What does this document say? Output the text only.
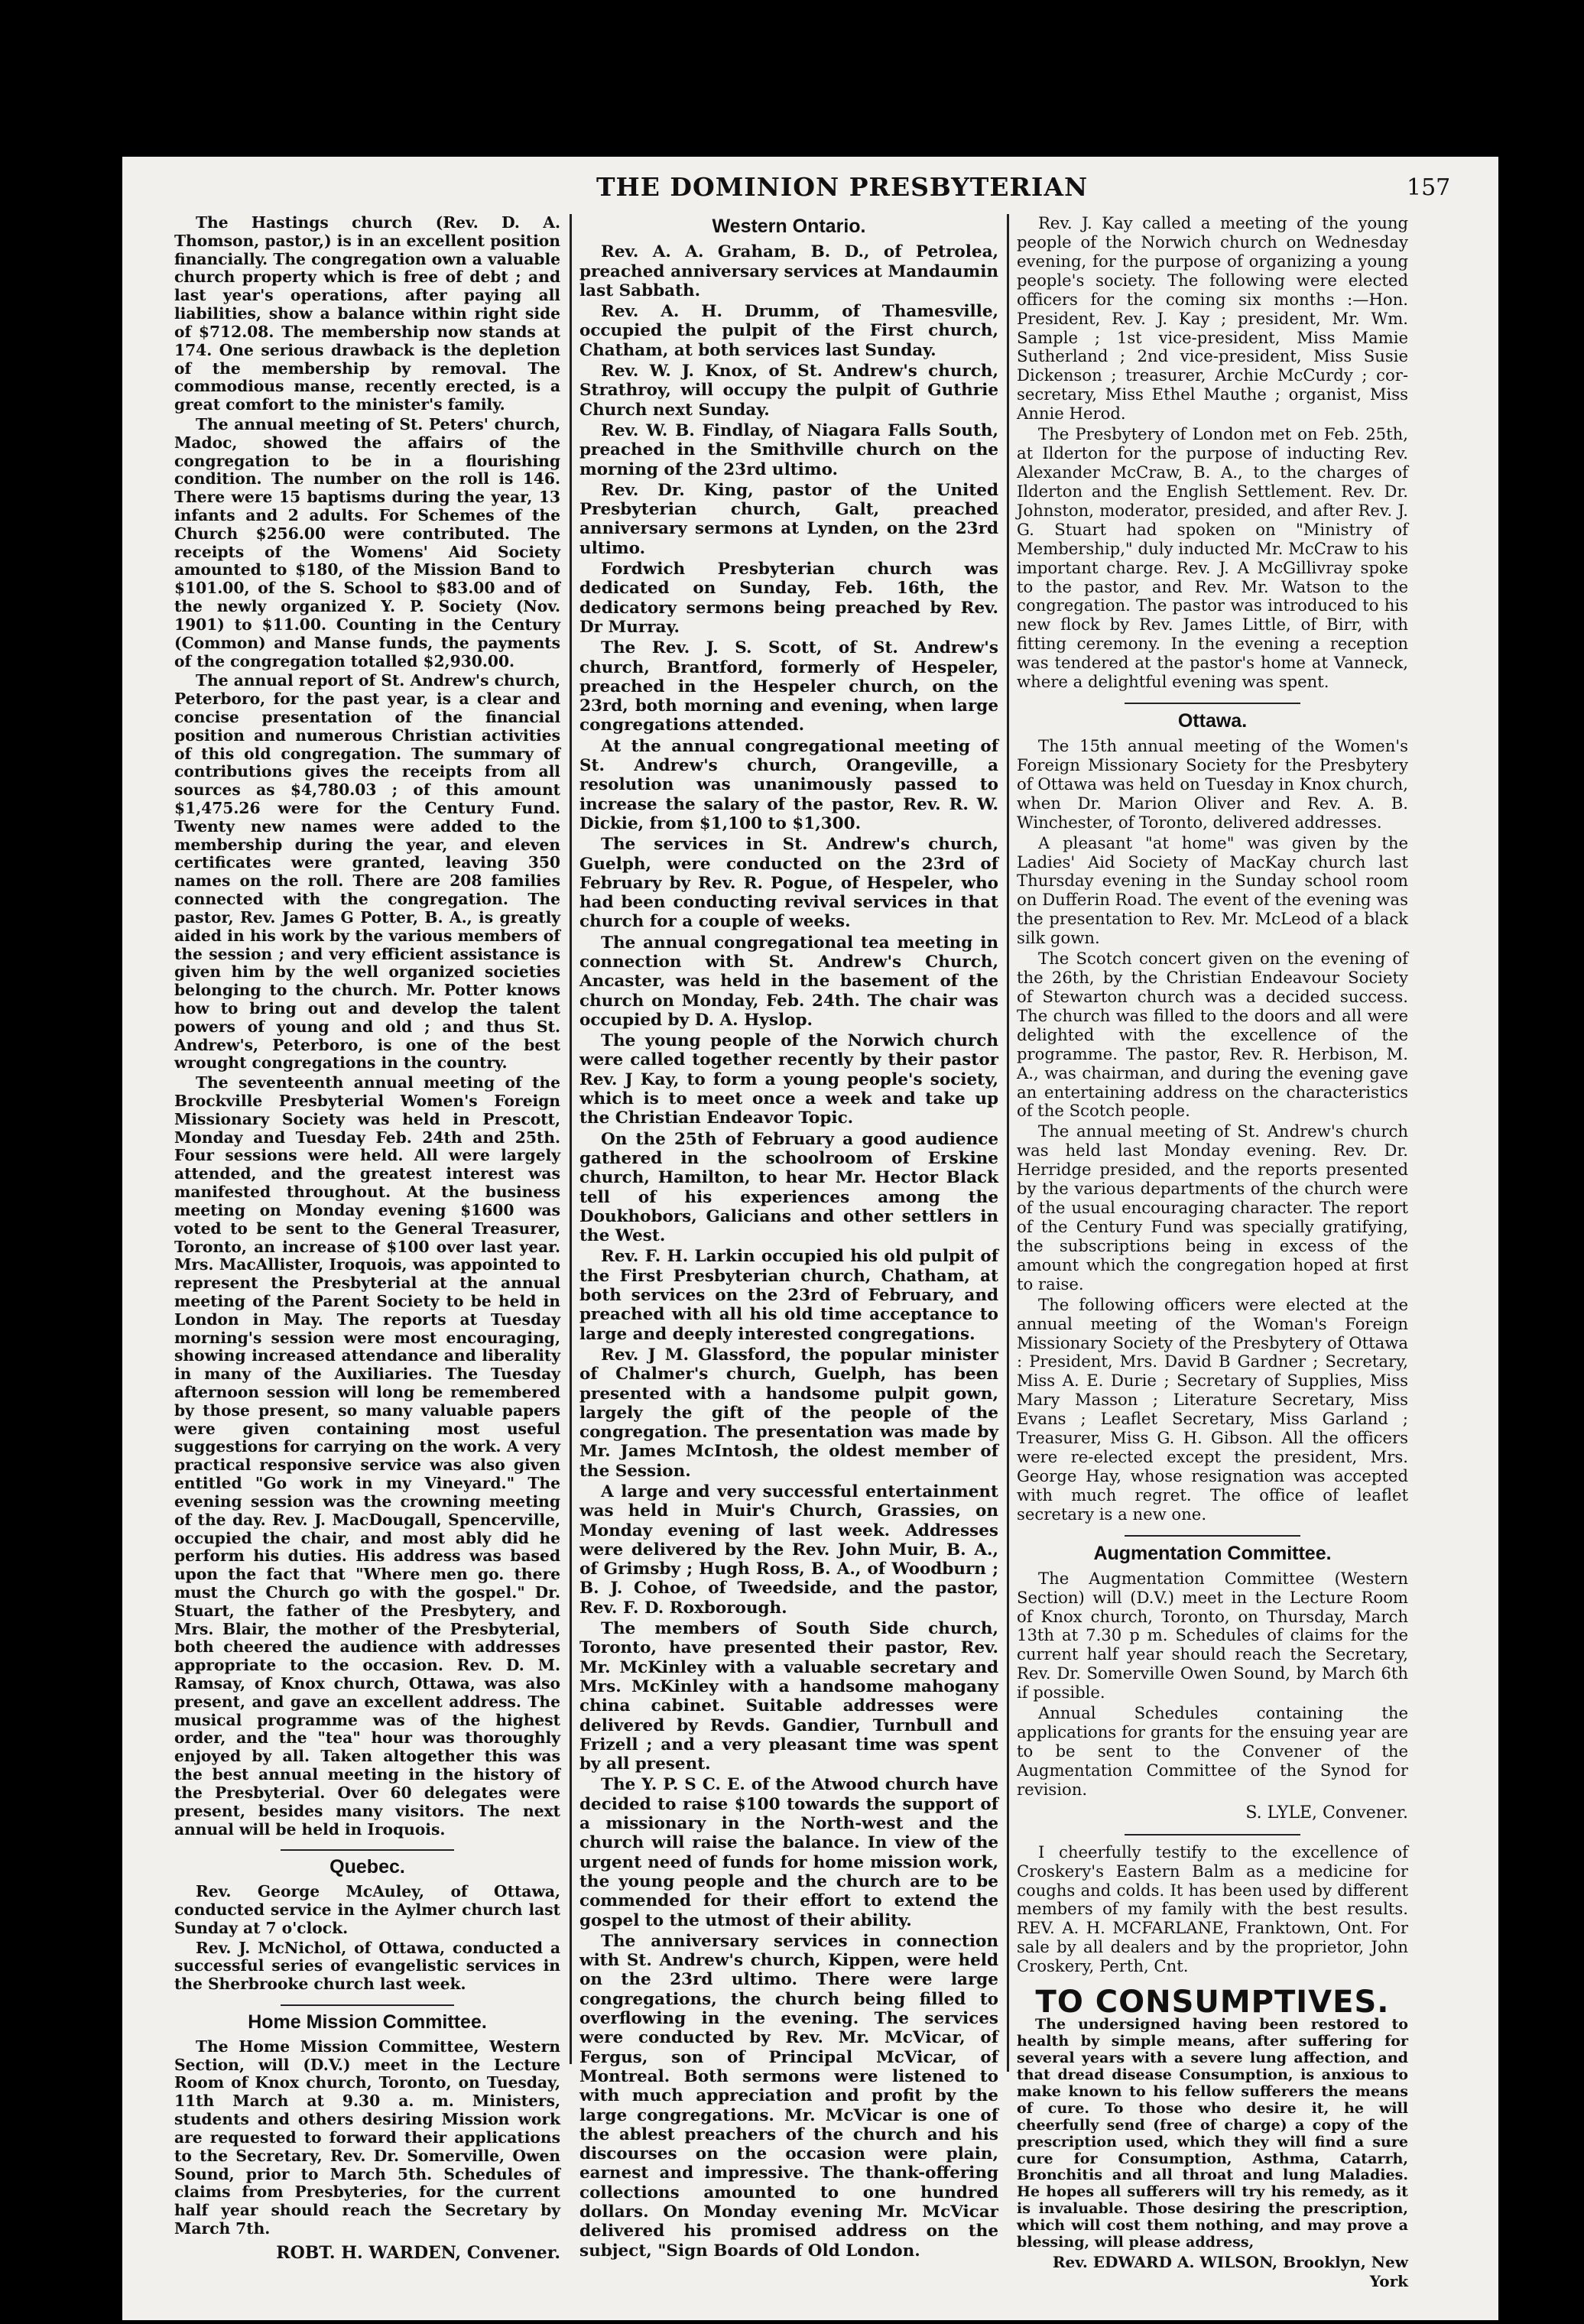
THE DOMINION PRESBYTERIAN	157

The Hastings church (Rev. D. A. Thomson, pastor,) is in an excellent position financially. The congregation own a valuable church property which is free of debt ; and last year's operations, after paying all liabilities, show a balance within right side of $712.08. The membership now stands at 174. One serious drawback is the depletion of the membership by removal. The commodious manse, recently erected, is a great comfort to the minister's family.

The annual meeting of St. Peters' church, Madoc, showed the affairs of the congregation to be in a flourishing condition. The number on the roll is 146. There were 15 baptisms during the year, 13 infants and 2 adults. For Schemes of the Church $256.00 were contributed. The receipts of the Womens' Aid Society amounted to $180, of the Mission Band to $101.00, of the S. School to $83.00 and of the newly organized Y. P. Society (Nov. 1901) to $11.00. Counting in the Century (Common) and Manse funds, the payments of the congregation totalled $2,930.00.

The annual report of St. Andrew's church, Peterboro, for the past year, is a clear and concise presentation of the financial position and numerous Christian activities of this old congregation. The summary of contributions gives the receipts from all sources as $4,780.03 ; of this amount $1,475.26 were for the Century Fund. Twenty new names were added to the membership during the year, and eleven certificates were granted, leaving 350 names on the roll. There are 208 families connected with the congregation. The pastor, Rev. James G Potter, B. A., is greatly aided in his work by the various members of the session ; and very efficient assistance is given him by the well organized societies belonging to the church. Mr. Potter knows how to bring out and develop the talent powers of young and old ; and thus St. Andrew's, Peterboro, is one of the best wrought congregations in the country.

The seventeenth annual meeting of the Brockville Presbyterial Women's Foreign Missionary Society was held in Prescott, Monday and Tuesday Feb. 24th and 25th. Four sessions were held. All were largely attended, and the greatest interest was manifested throughout. At the business meeting on Monday evening $1600 was voted to be sent to the General Treasurer, Toronto, an increase of $100 over last year. Mrs. MacAllister, Iroquois, was appointed to represent the Presbyterial at the annual meeting of the Parent Society to be held in London in May. The reports at Tuesday morning's session were most encouraging, showing increased attendance and liberality in many of the Auxiliaries. The Tuesday afternoon session will long be remembered by those present, so many valuable papers were given containing most useful suggestions for carrying on the work. A very practical responsive service was also given entitled "Go work in my Vineyard." The evening session was the crowning meeting of the day. Rev. J. MacDougall, Spencerville, occupied the chair, and most ably did he perform his duties. His address was based upon the fact that "Where men go. there must the Church go with the gospel." Dr. Stuart, the father of the Presbytery, and Mrs. Blair, the mother of the Presbyterial, both cheered the audience with addresses appropriate to the occasion. Rev. D. M. Ramsay, of Knox church, Ottawa, was also present, and gave an excellent address. The musical programme was of the highest order, and the "tea" hour was thoroughly enjoyed by all. Taken altogether this was the best annual meeting in the history of the Presbyterial. Over 60 delegates were present, besides many visitors. The next annual will be held in Iroquois.

Quebec.

Rev. George McAuley, of Ottawa, conducted service in the Aylmer church last Sunday at 7 o'clock.

Rev. J. McNichol, of Ottawa, conducted a successful series of evangelistic services in the Sherbrooke church last week.

Home Mission Committee.

The Home Mission Committee, Western Section, will (D.V.) meet in the Lecture Room of Knox church, Toronto, on Tuesday, 11th March at 9.30 a. m. Ministers, students and others desiring Mission work are requested to forward their applications to the Secretary, Rev. Dr. Somerville, Owen Sound, prior to March 5th. Schedules of claims from Presbyteries, for the current half year should reach the Secretary by March 7th.

ROBT. H. WARDEN, Convener.
Western Ontario.

Rev. A. A. Graham, B. D., of Petrolea, preached anniversary services at Mandaumin last Sabbath.

Rev. A. H. Drumm, of Thamesville, occupied the pulpit of the First church, Chatham, at both services last Sunday.

Rev. W. J. Knox, of St. Andrew's church, Strathroy, will occupy the pulpit of Guthrie Church next Sunday.

Rev. W. B. Findlay, of Niagara Falls South, preached in the Smithville church on the morning of the 23rd ultimo.

Rev. Dr. King, pastor of the United Presbyterian church, Galt, preached anniversary sermons at Lynden, on the 23rd ultimo.

Fordwich Presbyterian church was dedicated on Sunday, Feb. 16th, the dedicatory sermons being preached by Rev. Dr Murray.

The Rev. J. S. Scott, of St. Andrew's church, Brantford, formerly of Hespeler, preached in the Hespeler church, on the 23rd, both morning and evening, when large congregations attended.

At the annual congregational meeting of St. Andrew's church, Orangeville, a resolution was unanimously passed to increase the salary of the pastor, Rev. R. W. Dickie, from $1,100 to $1,300.

The services in St. Andrew's church, Guelph, were conducted on the 23rd of February by Rev. R. Pogue, of Hespeler, who had been conducting revival services in that church for a couple of weeks.

The annual congregational tea meeting in connection with St. Andrew's Church, Ancaster, was held in the basement of the church on Monday, Feb. 24th. The chair was occupied by D. A. Hyslop.

The young people of the Norwich church were called together recently by their pastor Rev. J Kay, to form a young people's society, which is to meet once a week and take up the Christian Endeavor Topic.

On the 25th of February a good audience gathered in the schoolroom of Erskine church, Hamilton, to hear Mr. Hector Black tell of his experiences among the Doukhobors, Galicians and other settlers in the West.

Rev. F. H. Larkin occupied his old pulpit of the First Presbyterian church, Chatham, at both services on the 23rd of February, and preached with all his old time acceptance to large and deeply interested congregations.

Rev. J M. Glassford, the popular minister of Chalmer's church, Guelph, has been presented with a handsome pulpit gown, largely the gift of the people of the congregation. The presentation was made by Mr. James McIntosh, the oldest member of the Session.

A large and very successful entertainment was held in Muir's Church, Grassies, on Monday evening of last week. Addresses were delivered by the Rev. John Muir, B. A., of Grimsby ; Hugh Ross, B. A., of Woodburn ; B. J. Cohoe, of Tweedside, and the pastor, Rev. F. D. Roxborough.

The members of South Side church, Toronto, have presented their pastor, Rev. Mr. McKinley with a valuable secretary and Mrs. McKinley with a handsome mahogany china cabinet. Suitable addresses were delivered by Revds. Gandier, Turnbull and Frizell ; and a very pleasant time was spent by all present.

The Y. P. S C. E. of the Atwood church have decided to raise $100 towards the support of a missionary in the North-west and the church will raise the balance. In view of the urgent need of funds for home mission work, the young people and the church are to be commended for their effort to extend the gospel to the utmost of their ability.

The anniversary services in connection with St. Andrew's church, Kippen, were held on the 23rd ultimo. There were large congregations, the church being filled to overflowing in the evening. The services were conducted by Rev. Mr. McVicar, of Fergus, son of Principal McVicar, of Montreal. Both sermons were listened to with much appreciation and profit by the large congregations. Mr. McVicar is one of the ablest preachers of the church and his discourses on the occasion were plain, earnest and impressive. The thank-offering collections amounted to one hundred dollars. On Monday evening Mr. McVicar delivered his promised address on the subject, "Sign Boards of Old London.

Rev. J. Kay called a meeting of the young people of the Norwich church on Wednesday evening, for the purpose of organizing a young people's society. The following were elected officers for the coming six months :—Hon. President, Rev. J. Kay ; president, Mr. Wm. Sample ; 1st vice-president, Miss Mamie Sutherland ; 2nd vice-president, Miss Susie Dickenson ; treasurer, Archie McCurdy ; cor-secretary, Miss Ethel Mauthe ; organist, Miss Annie Herod.

The Presbytery of London met on Feb. 25th, at Ilderton for the purpose of inducting Rev. Alexander McCraw, B. A., to the charges of Ilderton and the English Settlement. Rev. Dr. Johnston, moderator, presided, and after Rev. J. G. Stuart had spoken on "Ministry of Membership," duly inducted Mr. McCraw to his important charge. Rev. J. A McGillivray spoke to the pastor, and Rev. Mr. Watson to the congregation. The pastor was introduced to his new flock by Rev. James Little, of Birr, with fitting ceremony. In the evening a reception was tendered at the pastor's home at Vanneck, where a delightful evening was spent.

Ottawa.

The 15th annual meeting of the Women's Foreign Missionary Society for the Presbytery of Ottawa was held on Tuesday in Knox church, when Dr. Marion Oliver and Rev. A. B. Winchester, of Toronto, delivered addresses.

A pleasant "at home" was given by the Ladies' Aid Society of MacKay church last Thursday evening in the Sunday school room on Dufferin Road. The event of the evening was the presentation to Rev. Mr. McLeod of a black silk gown.

The Scotch concert given on the evening of the 26th, by the Christian Endeavour Society of Stewarton church was a decided success. The church was filled to the doors and all were delighted with the excellence of the programme. The pastor, Rev. R. Herbison, M. A., was chairman, and during the evening gave an entertaining address on the characteristics of the Scotch people.

The annual meeting of St. Andrew's church was held last Monday evening. Rev. Dr. Herridge presided, and the reports presented by the various departments of the church were of the usual encouraging character. The report of the Century Fund was specially gratifying, the subscriptions being in excess of the amount which the congregation hoped at first to raise.

The following officers were elected at the annual meeting of the Woman's Foreign Missionary Society of the Presbytery of Ottawa : President, Mrs. David B Gardner ; Secretary, Miss A. E. Durie ; Secretary of Supplies, Miss Mary Masson ; Literature Secretary, Miss Evans ; Leaflet Secretary, Miss Garland ; Treasurer, Miss G. H. Gibson. All the officers were re-elected except the president, Mrs. George Hay, whose resignation was accepted with much regret. The office of leaflet secretary is a new one.

Augmentation Committee.

The Augmentation Committee (Western Section) will (D.V.) meet in the Lecture Room of Knox church, Toronto, on Thursday, March 13th at 7.30 p m. Schedules of claims for the current half year should reach the Secretary, Rev. Dr. Somerville Owen Sound, by March 6th if possible.

Annual Schedules containing the applications for grants for the ensuing year are to be sent to the Convener of the Augmentation Committee of the Synod for revision.

S. LYLE, Convener.

I cheerfully testify to the excellence of Croskery's Eastern Balm as a medicine for coughs and colds. It has been used by different members of my family with the best results. REV. A. H. MCFARLANE, Franktown, Ont. For sale by all dealers and by the proprietor, John Croskery, Perth, Cnt.

TO CONSUMPTIVES.

The undersigned having been restored to health by simple means, after suffering for several years with a severe lung affection, and that dread disease Consumption, is anxious to make known to his fellow sufferers the means of cure. To those who desire it, he will cheerfully send (free of charge) a copy of the prescription used, which they will find a sure cure for Consumption, Asthma, Catarrh, Bronchitis and all throat and lung Maladies. He hopes all sufferers will try his remedy, as it is invaluable. Those desiring the prescription, which will cost them nothing, and may prove a blessing, will please address,

Rev. EDWARD A. WILSON, Brooklyn, New York
